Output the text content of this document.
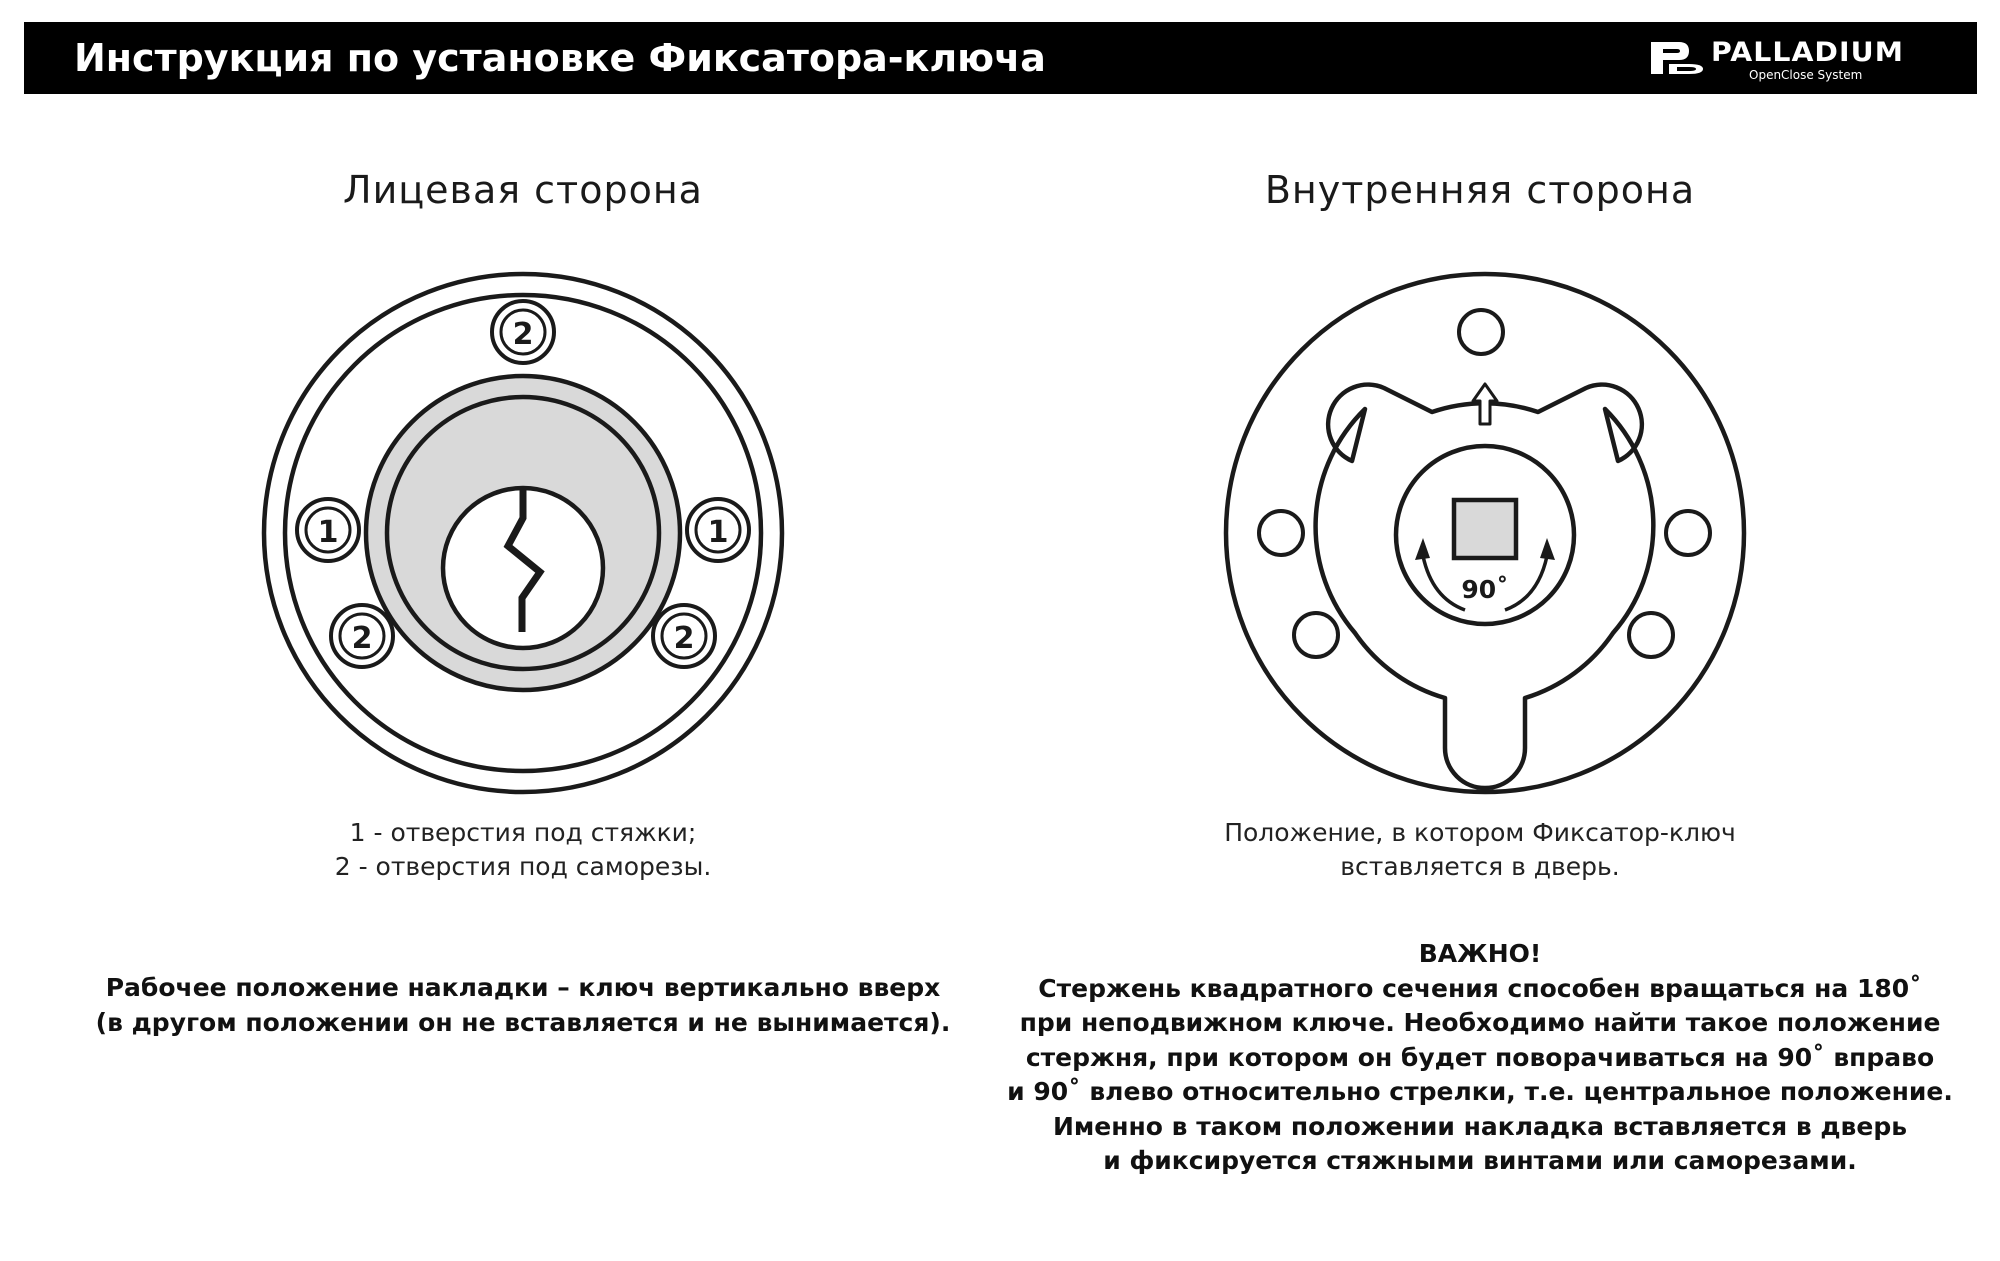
Инструкция по установке Фиксатора-ключа	PALLADIUM
OpenClose System
Лицевая сторона	Внутренняя сторона
2
1	1
2	2
90˚
1 - отверстия под стяжки;
2 - отверстия под саморезы.
Положение, в котором Фиксатор-ключ
вставляется в дверь.
Рабочее положение накладки – ключ вертикально вверх
(в другом положении он не вставляется и не вынимается).
ВАЖНО!
Стержень квадратного сечения способен вращаться на 180˚
при неподвижном ключе. Необходимо найти такое положение
стержня, при котором он будет поворачиваться на 90˚ вправо
и 90˚ влево относительно стрелки, т.е. центральное положение.
Именно в таком положении накладка вставляется в дверь
и фиксируется стяжными винтами или саморезами.
